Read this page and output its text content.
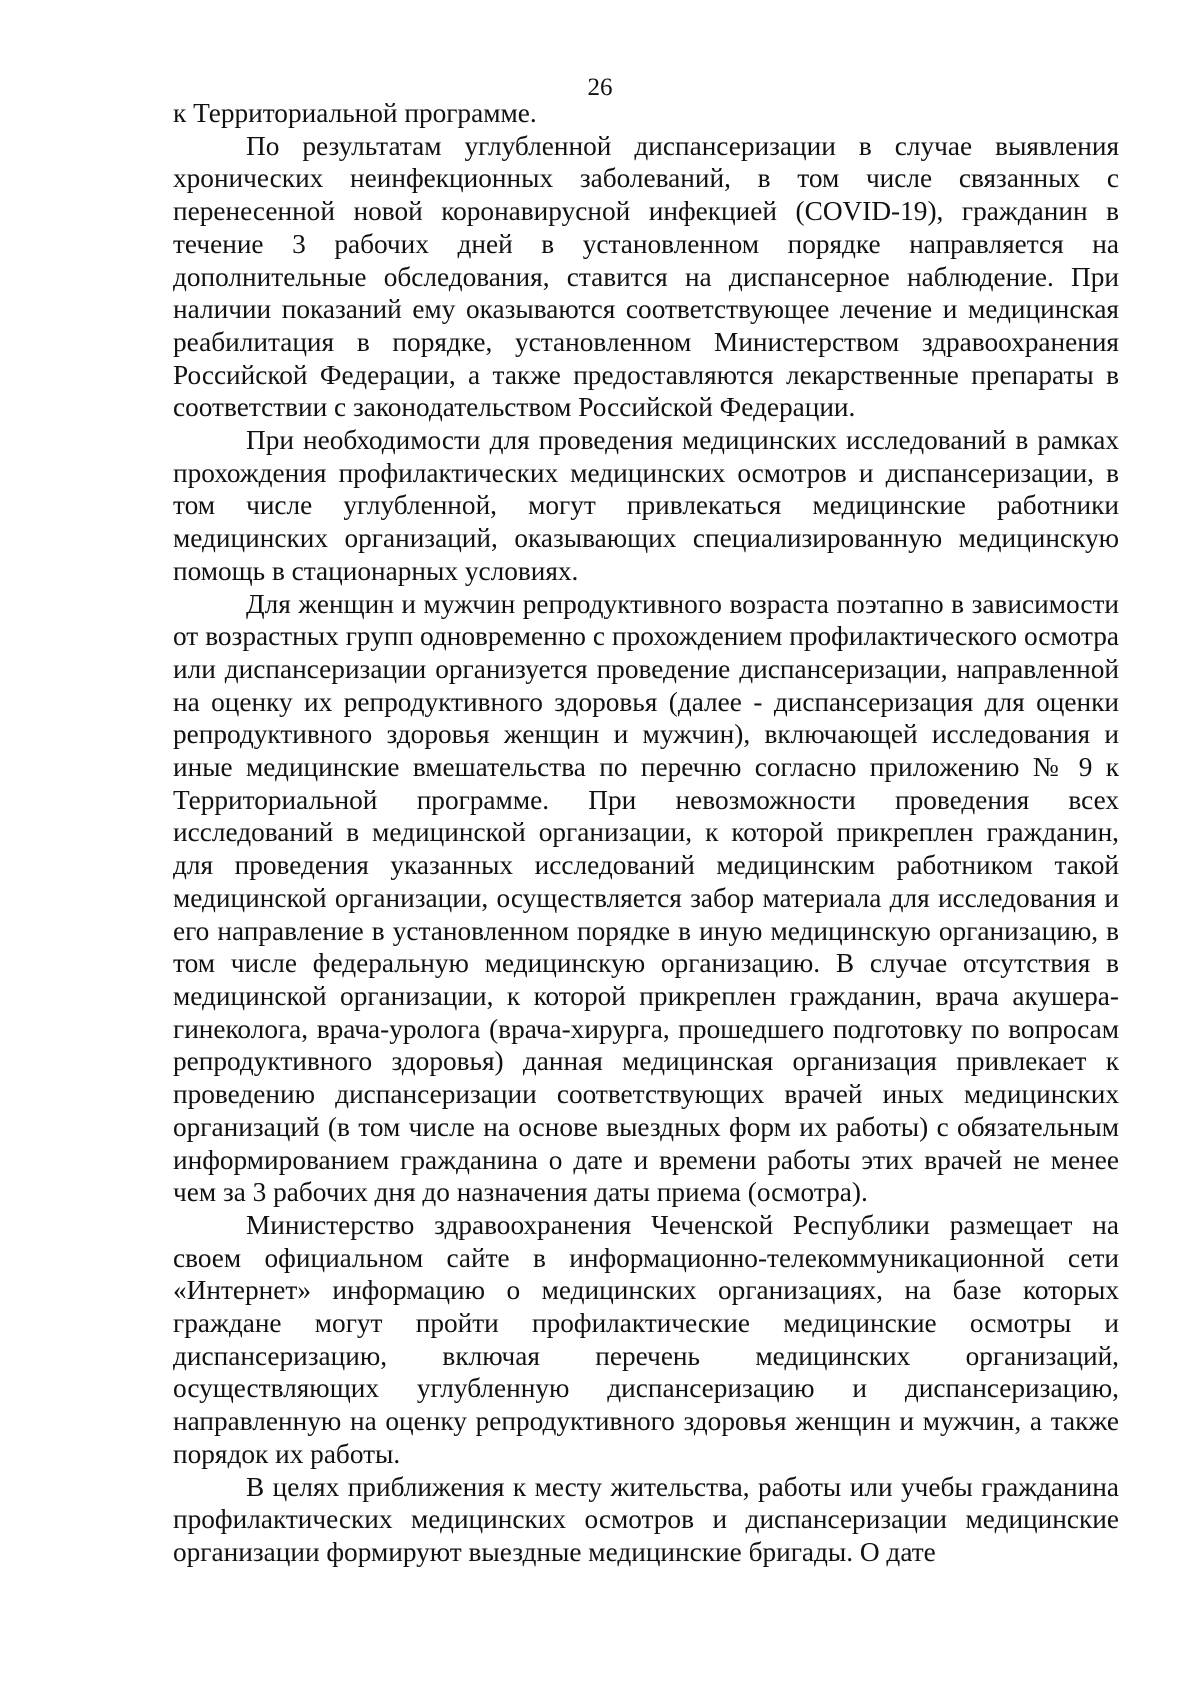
26

к Территориальной программе.

По результатам углубленной диспансеризации в случае выявления хронических неинфекционных заболеваний, в том числе связанных с перенесенной новой коронавирусной инфекцией (COVID-19), гражданин в течение 3 рабочих дней в установленном порядке направляется на дополнительные обследования, ставится на диспансерное наблюдение. При наличии показаний ему оказываются соответствующее лечение и медицинская реабилитация в порядке, установленном Министерством здравоохранения Российской Федерации, а также предоставляются лекарственные препараты в соответствии с законодательством Российской Федерации.

При необходимости для проведения медицинских исследований в рамках прохождения профилактических медицинских осмотров и диспансеризации, в том числе углубленной, могут привлекаться медицинские работники медицинских организаций, оказывающих специализированную медицинскую помощь в стационарных условиях.

Для женщин и мужчин репродуктивного возраста поэтапно в зависимости от возрастных групп одновременно с прохождением профилактического осмотра или диспансеризации организуется проведение диспансеризации, направленной на оценку их репродуктивного здоровья (далее - диспансеризация для оценки репродуктивного здоровья женщин и мужчин), включающей исследования и иные медицинские вмешательства по перечню согласно приложению № 9 к Территориальной программе. При невозможности проведения всех исследований в медицинской организации, к которой прикреплен гражданин, для проведения указанных исследований медицинским работником такой медицинской организации, осуществляется забор материала для исследования и его направление в установленном порядке в иную медицинскую организацию, в том числе федеральную медицинскую организацию. В случае отсутствия в медицинской организации, к которой прикреплен гражданин, врача акушера-гинеколога, врача-уролога (врача-хирурга, прошедшего подготовку по вопросам репродуктивного здоровья) данная медицинская организация привлекает к проведению диспансеризации соответствующих врачей иных медицинских организаций (в том числе на основе выездных форм их работы) с обязательным информированием гражданина о дате и времени работы этих врачей не менее чем за 3 рабочих дня до назначения даты приема (осмотра).

Министерство здравоохранения Чеченской Республики размещает на своем официальном сайте в информационно-телекоммуникационной сети «Интернет» информацию о медицинских организациях, на базе которых граждане могут пройти профилактические медицинские осмотры и диспансеризацию, включая перечень медицинских организаций, осуществляющих углубленную диспансеризацию и диспансеризацию, направленную на оценку репродуктивного здоровья женщин и мужчин, а также порядок их работы.

В целях приближения к месту жительства, работы или учебы гражданина профилактических медицинских осмотров и диспансеризации медицинские организации формируют выездные медицинские бригады. О дате
